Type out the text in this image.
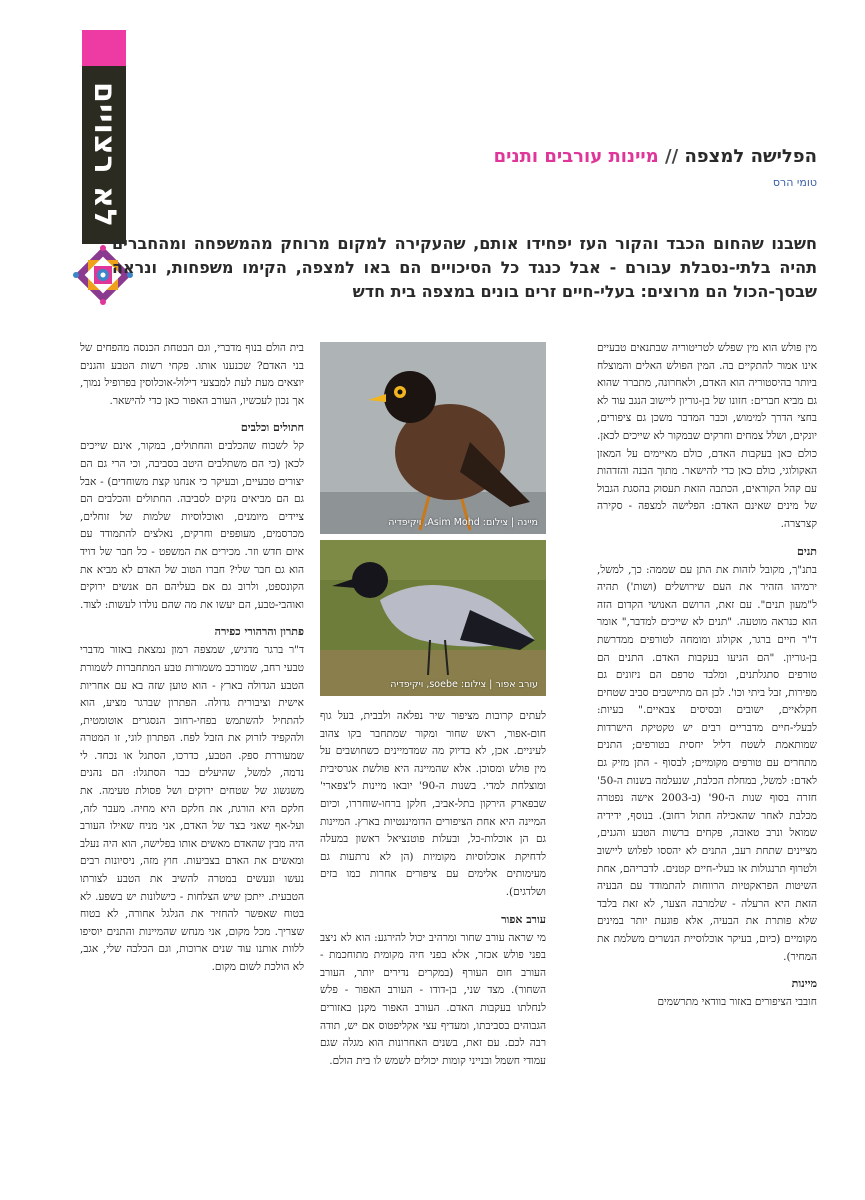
לא רצויים	הפלישה למצפה // מיינות עורבים ותנים
טומי הרס
חשבנו שהחום הכבד והקור העז יפחידו אותם, שהעקירה למקום מרוחק מהמשפחה ומהחברים תהיה בלתי-נסבלת עבורם - אבל כנגד כל הסיכויים הם באו למצפה, הקימו משפחות, ונראה שבסך-הכול הם מרוצים: בעלי-חיים זרים בונים במצפה בית חדש

מין פולש הוא מין שפלש לטריטוריה שבתנאים טבעיים אינו אמור להתקיים בה. המין הפולש האלים והמוצלח ביותר בהיסטוריה הוא האדם, ולאחרונה, מתברר שהוא גם מביא חברים: חזונו של בן-גוריון ליישוב הנגב עוד לא בחצי הדרך למימוש, וכבר המדבר משכן גם ציפורים, יונקים, ושלל צמחים וחרקים שבמקור לא שייכים לכאן. כולם כאן בעקבות האדם, כולם מאיימים על המאזן האקולוגי, כולם כאן כדי להישאר. מתוך הבנה והזדהות עם קהל הקוראים, הכתבה הזאת תעסוק בהסגת הגבול של מינים שאינם האדם: הפלישה למצפה - סקירה קצרצרה.

תנים

בתנ"ך, מקובל לזהות את התן עם שממה: כך, למשל, ירמיהו הזהיר את העם שירושלים (ושות') תהיה ל"מעון תנים". עם זאת, הרושם האנושי הקדום הזה הוא כנראה מוטעה. "תנים לא שייכים למדבר," אומר ד"ר חיים ברגר, אקולוג ומומחה לטורפים ממדרשת בן-גוריון. "הם הגיעו בעקבות האדם. התנים הם טורפים סתגלתנים, ומלבד טרפם הם ניזונים גם מפירות, זבל ביתי וכו'. לכן הם מתיישבים סביב שטחים חקלאיים, ישובים ובסיסים צבאיים." בעיות: לבעלי-חיים מדבריים רבים יש טקטיקת הישרדות שמותאמת לשטח דליל יחסית בטורפים; התנים מתחרים עם טורפים מקומיים; לבסוף - התן מזיק גם לאדם: למשל, במחלת הכלבת, שנעלמה בשנות ה-50' חזרה בסוף שנות ה-90' (ב-2003 אישה נפטרה מכלבת לאחר שהאכילה חתול רחוב). בנוסף, ידידיה שמואל ונרב טאובה, פקחים ברשות הטבע והגנים, מציינים שתחת רעב, התנים לא יהססו לפלוש ליישוב ולטרוף תרנגולות או בעלי-חיים קטנים. לדבריהם, אחת השיטות הפראקטיות הרווחות להתמודד עם הבעיה הזאת היא הרעלה - שלמרבה הצער, לא זאת בלבד שלא פותרת את הבעיה, אלא פוגעת יותר במינים מקומיים (כיום, בעיקר אוכלוסיית הנשרים משלמת את המחיר).

מיינות

חובבי הציפורים באזור בוודאי מתרשמים

מיינה | צילום: Asim Mohd, ויקיפדיה
עורב אפור | צילום: soebe, ויקיפדיה

לעתים קרובות מציפור שיר נפלאה ולבבית, בעל גוף חום-אפור, ראש שחור ומקור שמתחבר בקו צהוב לעיניים. אכן, לא בדיוק מה שמדמיינים כשחושבים על מין פולש ומסוכן. אלא שהמיינה היא פולשת אגרסיבית ומוצלחת למדי. בשנות ה-90' יובאו מיינות ל'צפארי' שבפארק הירקון בתל-אביב, חלקן ברחו-שוחררו, וכיום המיינה היא אחת הציפורים הדומיננטיות בארץ. המיינות גם הן אוכלות-כל, ובעלות פוטנציאל ראשון במעלה לדחיקת אוכלוסיות מקומיות (הן לא נרתעות גם מעימותים אלימים עם ציפורים אחרות כמו בזים ושלדגים).

עורב אפור

מי שראה עורב שחור ומרהיב יכול להירגע: הוא לא ניצב בפני פולש אכזר, אלא בפני חיה מקומית מתוחכמת - העורב חום העורף (במקרים נדירים יותר, העורב השחור). מצד שני, בן-דודו - העורב האפור - פלש לנחלתו בעקבות האדם. העורב האפור מקנן באזורים הגבוהים בסביבתו, ומעדיף עצי אקליפטוס אם יש, תודה רבה לכם. עם זאת, בשנים האחרונות הוא מגלה שגם עמודי חשמל ובנייני קומות יכולים לשמש לו בית הולם.

בית הולם בנוף מדברי, וגם הבטחת הכנסה מהפחים של בני האדם? שכנענו אותו. פקחי רשות הטבע והגנים יוצאים מעת לעת למבצעי דילול-אוכלוסין בפרופיל נמוך, אך נכון לעכשיו, העורב האפור כאן כדי להישאר.

חתולים וכלבים

קל לשכוח שהכלבים והחתולים, במקור, אינם שייכים לכאן (כי הם משתלבים היטב בסביבה, וכי הרי גם הם יצורים טבעיים, ובעיקר כי אנחנו קצת משוחדים) - אבל גם הם מביאים נזקים לסביבה. החתולים והכלבים הם ציידים מיומנים, ואוכלוסיות שלמות של זוחלים, מכרסמים, מעופפים וחרקים, נאלצים להתמודד עם איום חדש וזר. מכירים את המשפט - כל חבר של דויד הוא גם חבר שלי? חברו הטוב של האדם לא מביא את הקונספט, ולרוב גם אם בעליהם הם אנשים ירוקים ואוהבי-טבע, הם יעשו את מה שהם נולדו לעשות: לצוד.

פתרון והרהורי כפירה

ד"ר ברגר מדגיש, שמצפה רמון נמצאת באזור מדברי טבעי רחב, שמורכב משמורות טבע המתחברות לשמורת הטבע הגדולה בארץ - הוא טוען שזה בא עם אחריות אישית וציבורית גדולה. הפתרון שברגר מציע, הוא להתחיל להשתמש בפחי-רחוב הנסגרים אוטומטית, ולהקפיד לזרוק את הזבל לפח. הפתרון לוגי, זו המטרה שמעוררת ספק. הטבע, כדרכו, הסתגל או נכחד. לי נדמה, למשל, שהיעלים כבר הסתגלו: הם נהנים משגשוג של שטחים ירוקים ושל פסולת טעימה. את חלקם היא הורגת, את חלקם היא מחיה. מעבר לזה, ועל-אף שאני בצד של האדם, אני מניח שאילו העורב היה מבין שהאדם מאשים אותו בפלישה, הוא היה נעלב ומאשים את האדם בצביעות. חוץ מזה, ניסיונות רבים נעשו ונעשים במטרה להשיב את הטבע לצורתו הטבעית. ייתכן שיש הצלחות - כישלונות יש בשפע. לא בטוח שאפשר להחזיר את הגלגל אחורה, לא בטוח שצריך. מכל מקום, אני מנחש שהמיינות והתנים יוסיפו ללוות אותנו עוד שנים ארוכות, וגם הכלבה שלי, אגב, לא הולכת לשום מקום.
